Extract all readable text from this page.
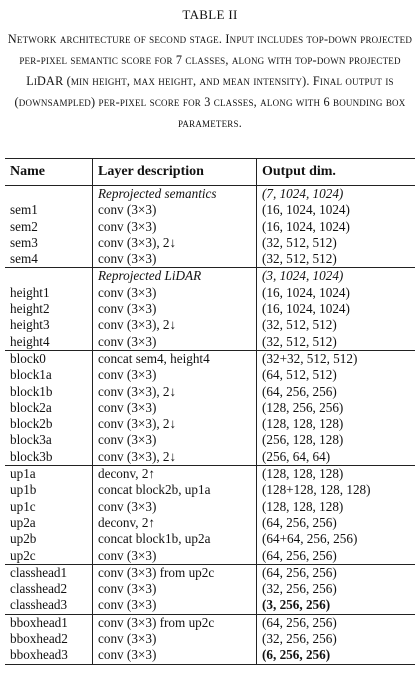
TABLE II
Network architecture of second stage. Input includes top-down projected per-pixel semantic score for 7 classes, along with top-down projected LiDAR (min height, max height, and mean intensity). Final output is (downsampled) per-pixel score for 3 classes, along with 6 bounding box parameters.
Name	Layer description	Output dim.
	Reprojected semantics	(7, 1024, 1024)
sem1	conv (3×3)	(16, 1024, 1024)
sem2	conv (3×3)	(16, 1024, 1024)
sem3	conv (3×3), 2↓	(32, 512, 512)
sem4	conv (3×3)	(32, 512, 512)
	Reprojected LiDAR	(3, 1024, 1024)
height1	conv (3×3)	(16, 1024, 1024)
height2	conv (3×3)	(16, 1024, 1024)
height3	conv (3×3), 2↓	(32, 512, 512)
height4	conv (3×3)	(32, 512, 512)
block0	concat sem4, height4	(32+32, 512, 512)
block1a	conv (3×3)	(64, 512, 512)
block1b	conv (3×3), 2↓	(64, 256, 256)
block2a	conv (3×3)	(128, 256, 256)
block2b	conv (3×3), 2↓	(128, 128, 128)
block3a	conv (3×3)	(256, 128, 128)
block3b	conv (3×3), 2↓	(256, 64, 64)
up1a	deconv, 2↑	(128, 128, 128)
up1b	concat block2b, up1a	(128+128, 128, 128)
up1c	conv (3×3)	(128, 128, 128)
up2a	deconv, 2↑	(64, 256, 256)
up2b	concat block1b, up2a	(64+64, 256, 256)
up2c	conv (3×3)	(64, 256, 256)
classhead1	conv (3×3) from up2c	(64, 256, 256)
classhead2	conv (3×3)	(32, 256, 256)
classhead3	conv (3×3)	(3, 256, 256)
bboxhead1	conv (3×3) from up2c	(64, 256, 256)
bboxhead2	conv (3×3)	(32, 256, 256)
bboxhead3	conv (3×3)	(6, 256, 256)
